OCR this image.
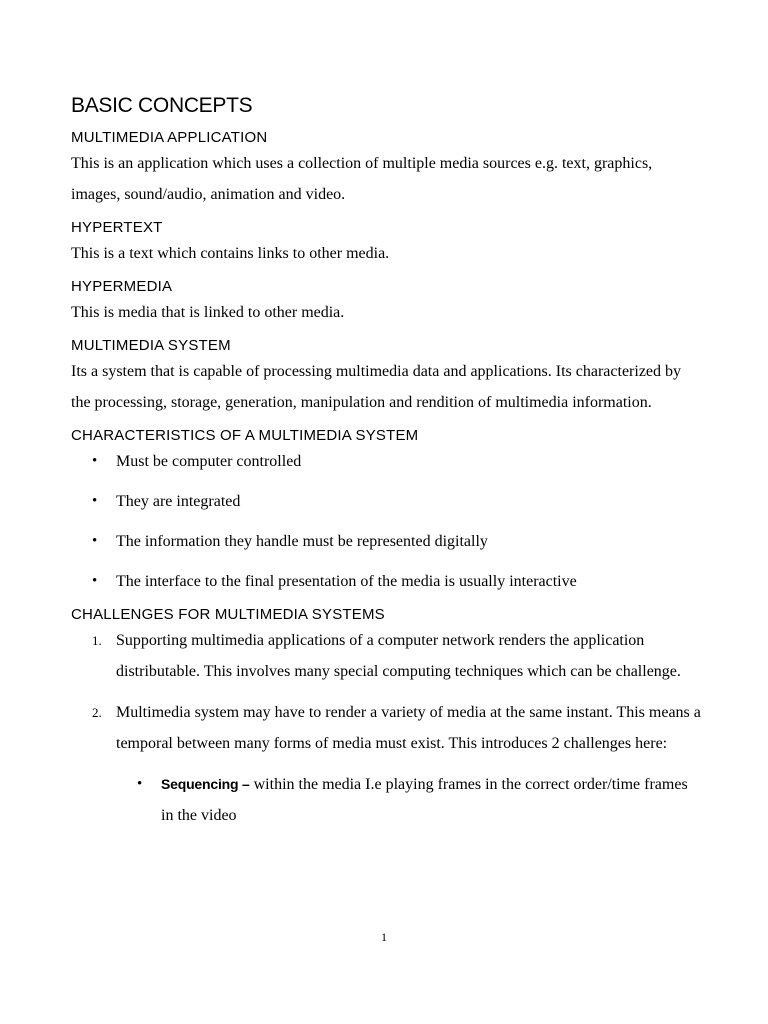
BASIC CONCEPTS
MULTIMEDIA APPLICATION

This is an application which uses a collection of multiple media sources e.g. text, graphics, images, sound/audio, animation and video.

HYPERTEXT

This is a text which contains links to other media.

HYPERMEDIA

This is media that is linked to other media.

MULTIMEDIA SYSTEM

Its a system that is capable of processing multimedia data and applications. Its characterized by the processing, storage, generation, manipulation and rendition of multimedia information.

CHARACTERISTICS OF A MULTIMEDIA SYSTEM
• Must be computer controlled
• They are integrated
• The information they handle must be represented digitally
• The interface to the final presentation of the media is usually interactive
CHALLENGES FOR MULTIMEDIA SYSTEMS
1. Supporting multimedia applications of a computer network renders the application distributable. This involves many special computing techniques which can be challenge.
2. Multimedia system may have to render a variety of media at the same instant. This means a temporal between many forms of media must exist. This introduces 2 challenges here:
• Sequencing – within the media I.e playing frames in the correct order/time frames in the video
1
